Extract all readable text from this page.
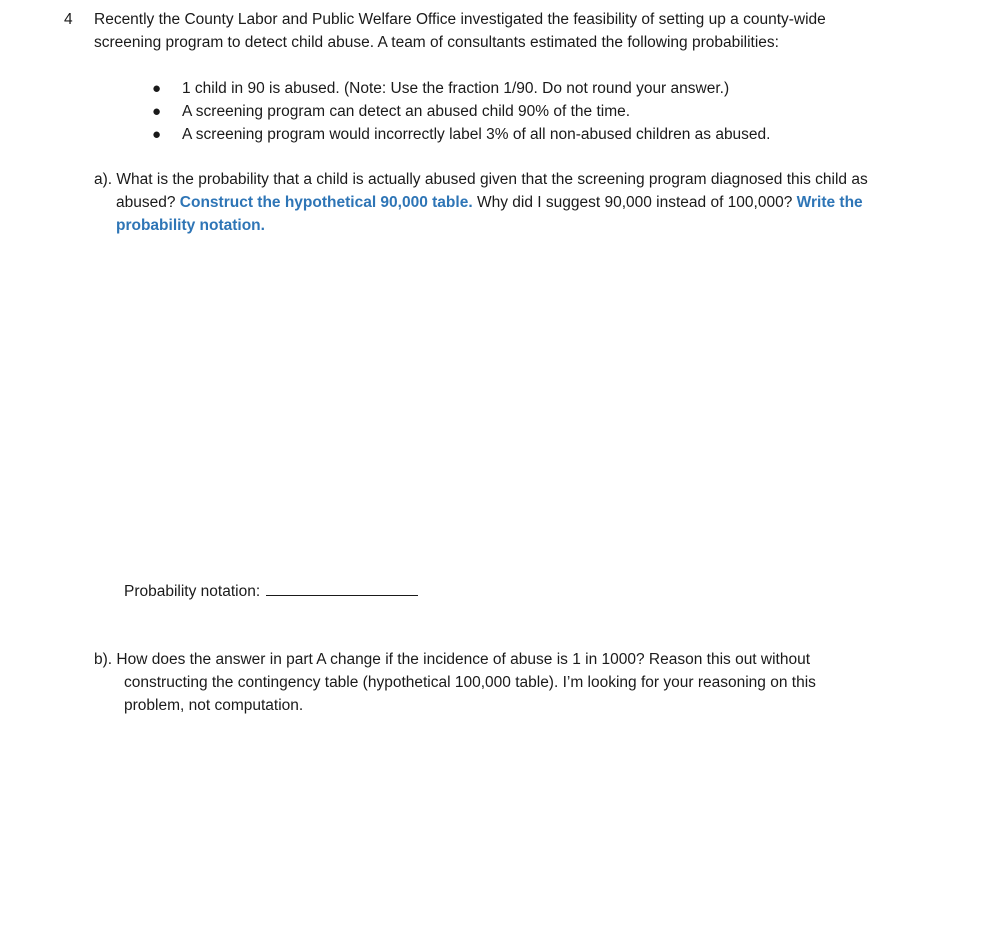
4 Recently the County Labor and Public Welfare Office investigated the feasibility of setting up a county-wide
screening program to detect child abuse. A team of consultants estimated the following probabilities:

● 1 child in 90 is abused. (Note: Use the fraction 1/90. Do not round your answer.)
● A screening program can detect an abused child 90% of the time.
● A screening program would incorrectly label 3% of all non-abused children as abused.

a). What is the probability that a child is actually abused given that the screening program diagnosed this child as
abused? Construct the hypothetical 90,000 table. Why did I suggest 90,000 instead of 100,000? Write the
probability notation.

Probability notation:

b). How does the answer in part A change if the incidence of abuse is 1 in 1000? Reason this out without
constructing the contingency table (hypothetical 100,000 table). I’m looking for your reasoning on this
problem, not computation.
